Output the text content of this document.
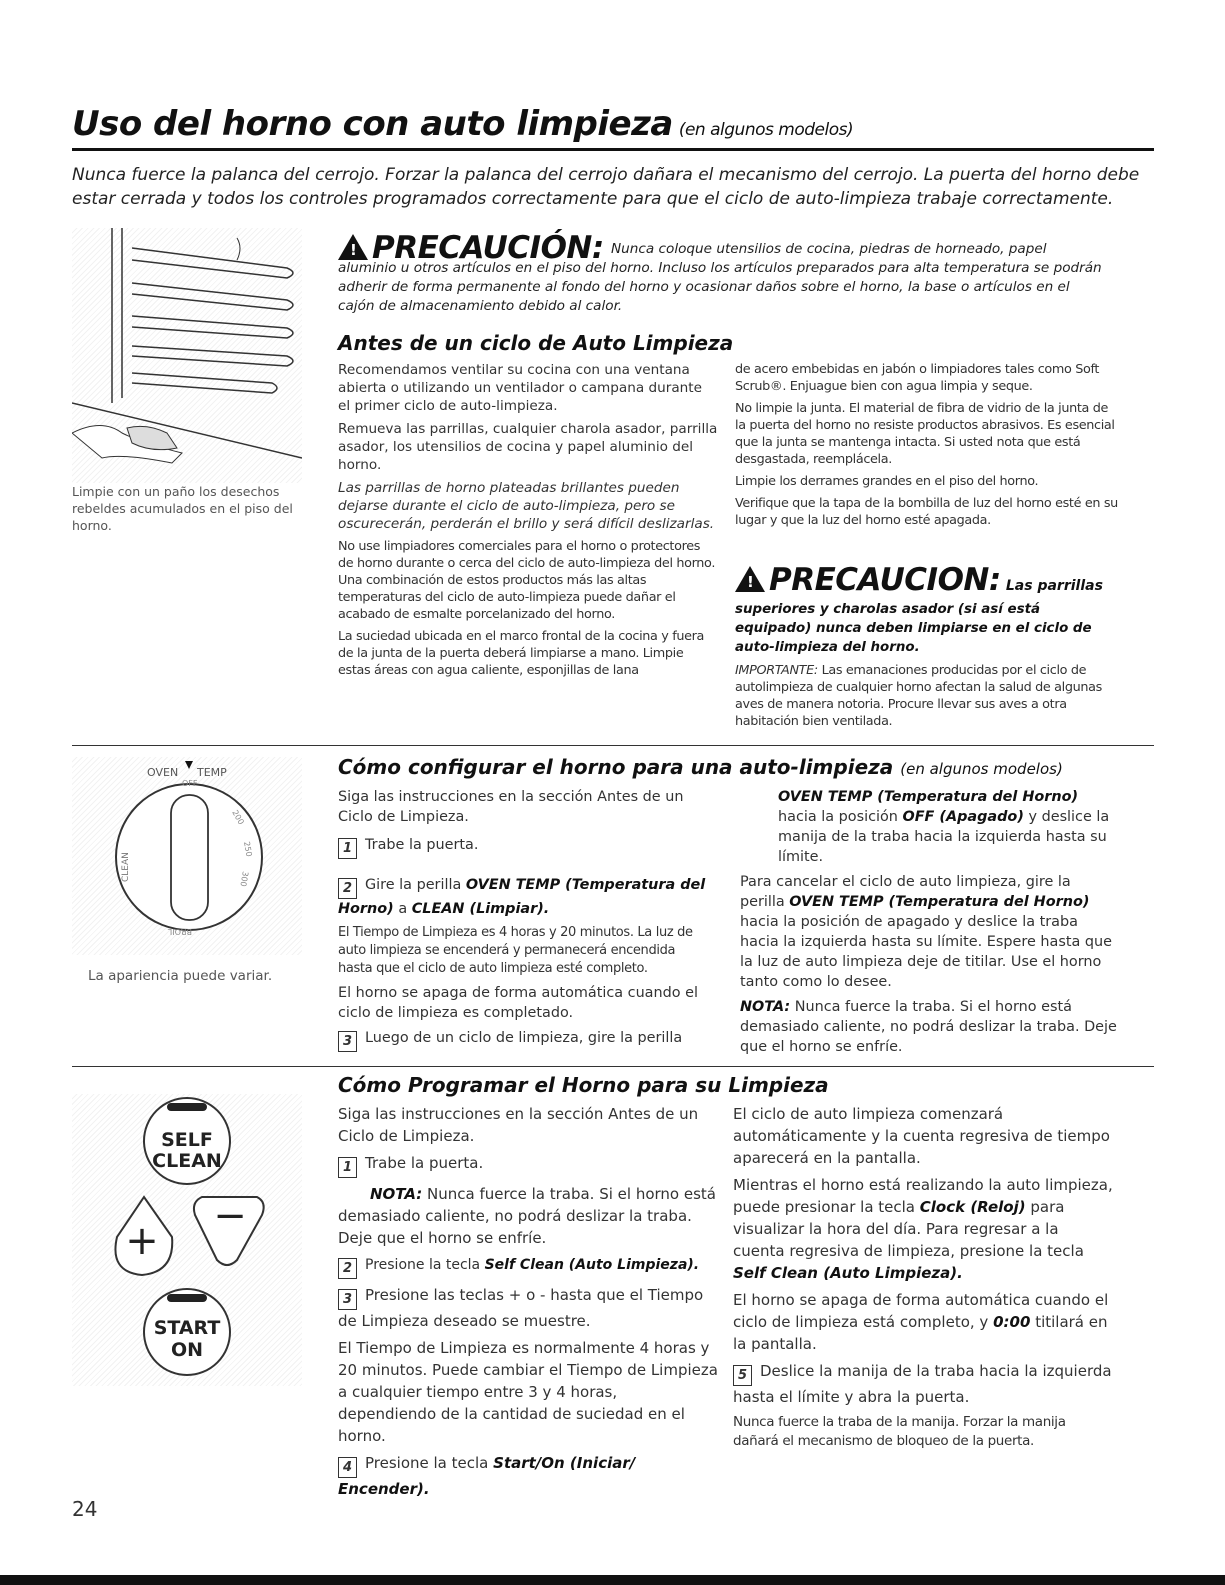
Uso del horno con auto limpieza (en algunos modelos)
Nunca fuerce la palanca del cerrojo. Forzar la palanca del cerrojo dañara el mecanismo del cerrojo. La puerta del horno debe estar cerrada y todos los controles programados correctamente para que el ciclo de auto-limpieza trabaje correctamente.
Limpie con un paño los desechos rebeldes acumulados en el piso del horno.
!PRECAUCIÓN: Nunca coloque utensilios de cocina, piedras de horneado, papel aluminio u otros artículos en el piso del horno. Incluso los artículos preparados para alta temperatura se podrán adherir de forma permanente al fondo del horno y ocasionar daños sobre el horno, la base o artículos en el cajón de almacenamiento debido al calor.
Antes de un ciclo de Auto Limpieza

Recomendamos ventilar su cocina con una ventana abierta o utilizando un ventilador o campana durante el primer ciclo de auto-limpieza.

Remueva las parrillas, cualquier charola asador, parrilla asador, los utensilios de cocina y papel aluminio del horno.

Las parrillas de horno plateadas brillantes pueden dejarse durante el ciclo de auto-limpieza, pero se oscurecerán, perderán el brillo y será difícil deslizarlas.

No use limpiadores comerciales para el horno o protectores de horno durante o cerca del ciclo de auto-limpieza del horno. Una combinación de estos productos más las altas temperaturas del ciclo de auto-limpieza puede dañar el acabado de esmalte porcelanizado del horno.

La suciedad ubicada en el marco frontal de la cocina y fuera de la junta de la puerta deberá limpiarse a mano. Limpie estas áreas con agua caliente, esponjillas de lana

de acero embebidas en jabón o limpiadores tales como Soft Scrub®. Enjuague bien con agua limpia y seque.

No limpie la junta. El material de fibra de vidrio de la junta de la puerta del horno no resiste productos abrasivos. Es esencial que la junta se mantenga intacta. Si usted nota que está desgastada, reemplácela.

Limpie los derrames grandes en el piso del horno.

Verifique que la tapa de la bombilla de luz del horno esté en su lugar y que la luz del horno esté apagada.

!PRECAUCION: Las parrillas
superiores y charolas asador (si así está equipado) nunca deben limpiarse en el ciclo de auto-limpieza del horno.

IMPORTANTE: Las emanaciones producidas por el ciclo de autolimpieza de cualquier horno afectan la salud de algunas aves de manera notoria. Procure llevar sus aves a otra habitación bien ventilada.

OVEN TEMP
OFF
CLEAN
200
250
300
BROIL
La apariencia puede variar.
Cómo configurar el horno para una auto-limpieza (en algunos modelos)

Siga las instrucciones en la sección Antes de un Ciclo de Limpieza.

1 Trabe la puerta.

2 Gire la perilla OVEN TEMP (Temperatura del Horno) a CLEAN (Limpiar).

El Tiempo de Limpieza es 4 horas y 20 minutos. La luz de auto limpieza se encenderá y permanecerá encendida hasta que el ciclo de auto limpieza esté completo.

El horno se apaga de forma automática cuando el ciclo de limpieza es completado.

3 Luego de un ciclo de limpieza, gire la perilla

OVEN TEMP (Temperatura del Horno) hacia la posición OFF (Apagado) y deslice la manija de la traba hacia la izquierda hasta su límite.

Para cancelar el ciclo de auto limpieza, gire la perilla OVEN TEMP (Temperatura del Horno) hacia la posición de apagado y deslice la traba hacia la izquierda hasta su límite. Espere hasta que la luz de auto limpieza deje de titilar. Use el horno tanto como lo desee.

NOTA: Nunca fuerce la traba. Si el horno está demasiado caliente, no podrá deslizar la traba. Deje que el horno se enfríe.

SELF
CLEAN
+
−
START
ON
Cómo Programar el Horno para su Limpieza

Siga las instrucciones en la sección Antes de un Ciclo de Limpieza.

1 Trabe la puerta.

NOTA: Nunca fuerce la traba. Si el horno está demasiado caliente, no podrá deslizar la traba. Deje que el horno se enfríe.

2 Presione la tecla Self Clean (Auto Limpieza).

3 Presione las teclas + o - hasta que el Tiempo de Limpieza deseado se muestre.

El Tiempo de Limpieza es normalmente 4 horas y 20 minutos. Puede cambiar el Tiempo de Limpieza a cualquier tiempo entre 3 y 4 horas, dependiendo de la cantidad de suciedad en el horno.

4 Presione la tecla Start/On (Iniciar/ Encender).

El ciclo de auto limpieza comenzará automáticamente y la cuenta regresiva de tiempo aparecerá en la pantalla.

Mientras el horno está realizando la auto limpieza, puede presionar la tecla Clock (Reloj) para visualizar la hora del día. Para regresar a la cuenta regresiva de limpieza, presione la tecla Self Clean (Auto Limpieza).

El horno se apaga de forma automática cuando el ciclo de limpieza está completo, y 0:00 titilará en la pantalla.

5 Deslice la manija de la traba hacia la izquierda hasta el límite y abra la puerta.

Nunca fuerce la traba de la manija. Forzar la manija dañará el mecanismo de bloqueo de la puerta.

24
